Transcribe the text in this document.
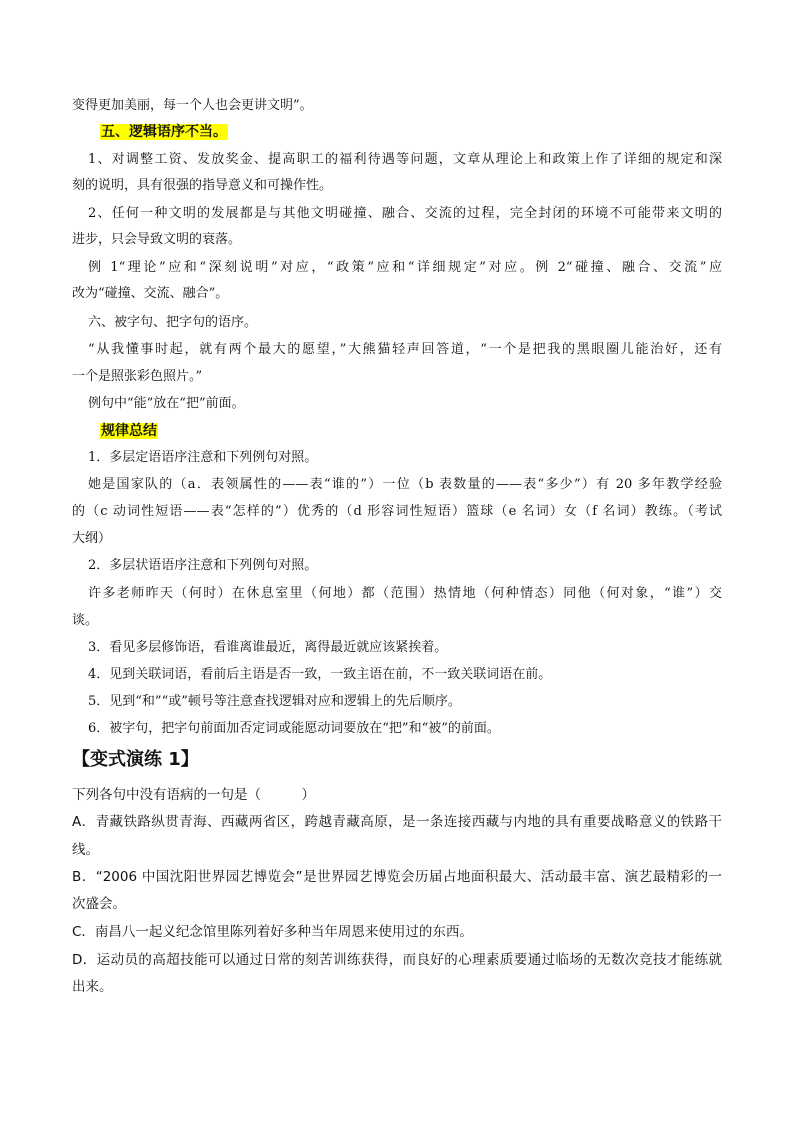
变得更加美丽，每一个人也会更讲文明”。
五、逻辑语序不当。
1、对调整工资、发放奖金、提高职工的福利待遇等问题，文章从理论上和政策上作了详细的规定和深
刻的说明，具有很强的指导意义和可操作性。
2、任何一种文明的发展都是与其他文明碰撞、融合、交流的过程，完全封闭的环境不可能带来文明的
进步，只会导致文明的衰落。
例 1“理论”应和“深刻说明”对应，“政策”应和“详细规定”对应。例 2“碰撞、融合、交流”应
改为“碰撞、交流、融合”。
六、被字句、把字句的语序。
“从我懂事时起，就有两个最大的愿望，”大熊猫轻声回答道，“一个是把我的黑眼圈儿能治好，还有
一个是照张彩色照片。”
例句中“能”放在“把”前面。
规律总结
1．多层定语语序注意和下列例句对照。
她是国家队的（a．表领属性的——表“谁的”）一位（b 表数量的——表“多少”）有 20 多年教学经验
的（c 动词性短语——表“怎样的”）优秀的（d 形容词性短语）篮球（e 名词）女（f 名词）教练。（考试
大纲）
2．多层状语语序注意和下列例句对照。
许多老师昨天（何时）在休息室里（何地）都（范围）热情地（何种情态）同他（何对象，“谁”）交
谈。
3．看见多层修饰语，看谁离谁最近，离得最近就应该紧挨着。
4．见到关联词语，看前后主语是否一致，一致主语在前，不一致关联词语在前。
5．见到“和”“或”顿号等注意查找逻辑对应和逻辑上的先后顺序。
6．被字句，把字句前面加否定词或能愿动词要放在“把”和“被”的前面。
【变式演练 1】
下列各句中没有语病的一句是（　　　）
A．青藏铁路纵贯青海、西藏两省区，跨越青藏高原，是一条连接西藏与内地的具有重要战略意义的铁路干
线。
B．“2006 中国沈阳世界园艺博览会”是世界园艺博览会历届占地面积最大、活动最丰富、演艺最精彩的一
次盛会。
C．南昌八一起义纪念馆里陈列着好多种当年周恩来使用过的东西。
D．运动员的高超技能可以通过日常的刻苦训练获得，而良好的心理素质要通过临场的无数次竞技才能练就
出来。
